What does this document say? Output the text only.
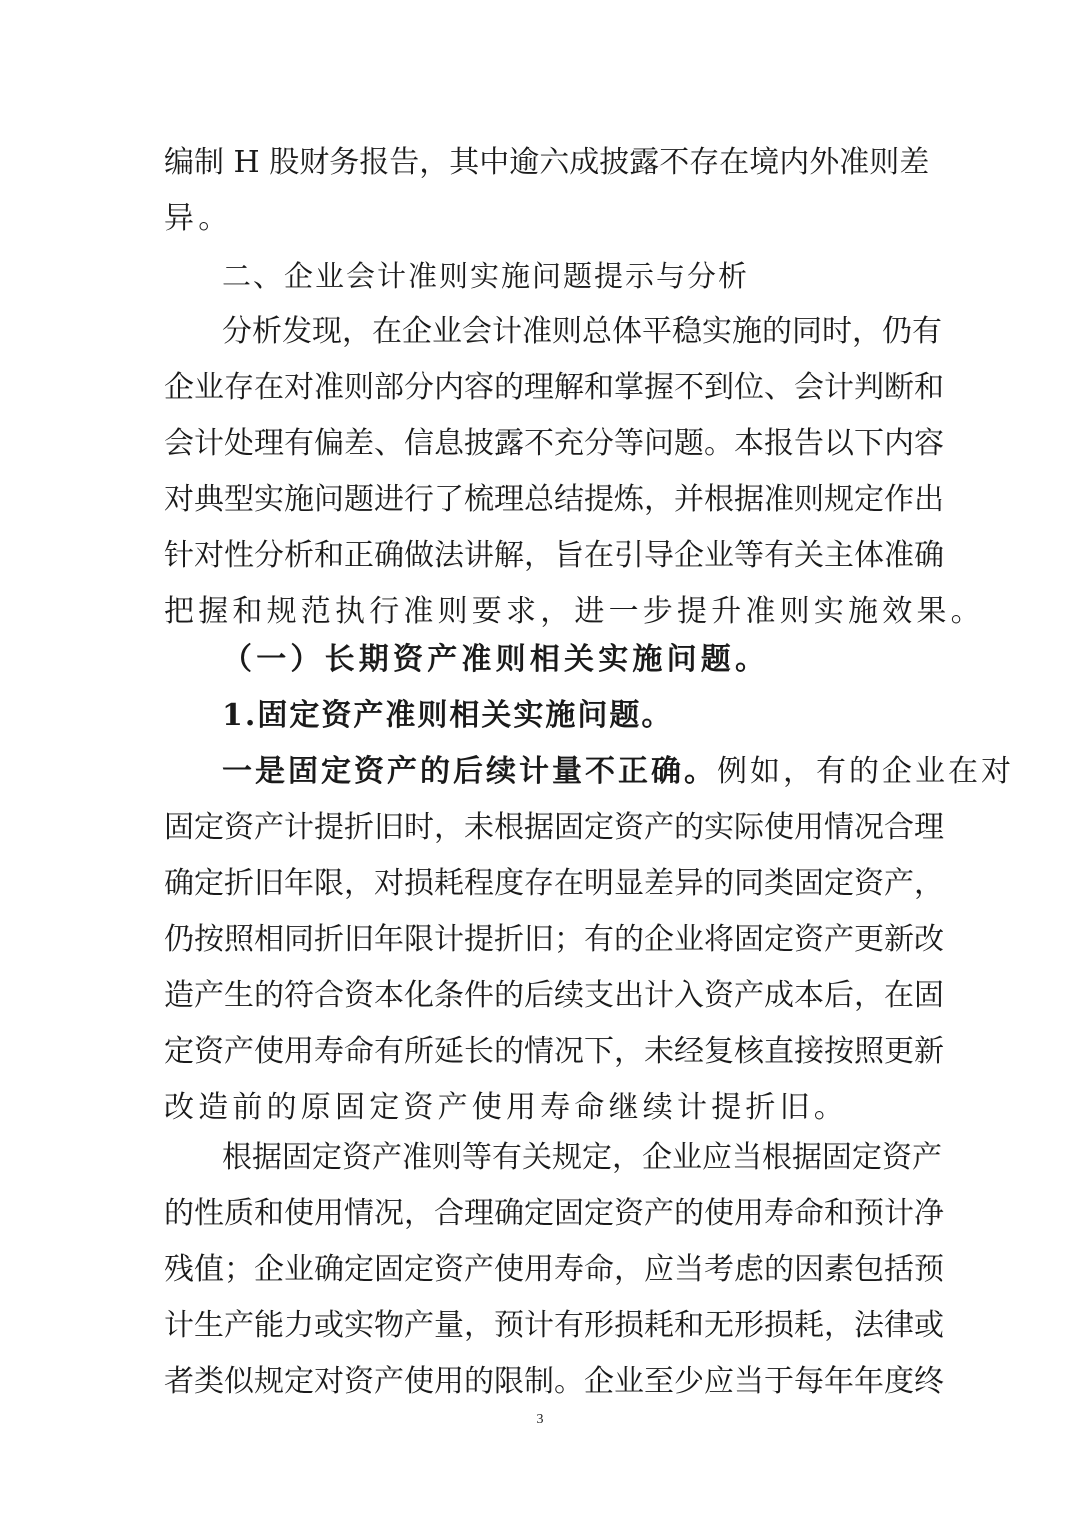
编制 H 股财务报告，其中逾六成披露不存在境内外准则差
异。
二、企业会计准则实施问题提示与分析
分析发现，在企业会计准则总体平稳实施的同时，仍有
企业存在对准则部分内容的理解和掌握不到位、会计判断和
会计处理有偏差、信息披露不充分等问题。本报告以下内容
对典型实施问题进行了梳理总结提炼，并根据准则规定作出
针对性分析和正确做法讲解，旨在引导企业等有关主体准确
把握和规范执行准则要求，进一步提升准则实施效果。
（一）长期资产准则相关实施问题。
1.固定资产准则相关实施问题。
一是固定资产的后续计量不正确。 例如，有的企业在对
固定资产计提折旧时，未根据固定资产的实际使用情况合理
确定折旧年限，对损耗程度存在明显差异的同类固定资产，
仍按照相同折旧年限计提折旧；有的企业将固定资产更新改
造产生的符合资本化条件的后续支出计入资产成本后，在固
定资产使用寿命有所延长的情况下，未经复核直接按照更新
改造前的原固定资产使用寿命继续计提折旧。
根据固定资产准则等有关规定，企业应当根据固定资产
的性质和使用情况，合理确定固定资产的使用寿命和预计净
残值；企业确定固定资产使用寿命，应当考虑的因素包括预
计生产能力或实物产量，预计有形损耗和无形损耗，法律或
者类似规定对资产使用的限制。企业至少应当于每年年度终
3
